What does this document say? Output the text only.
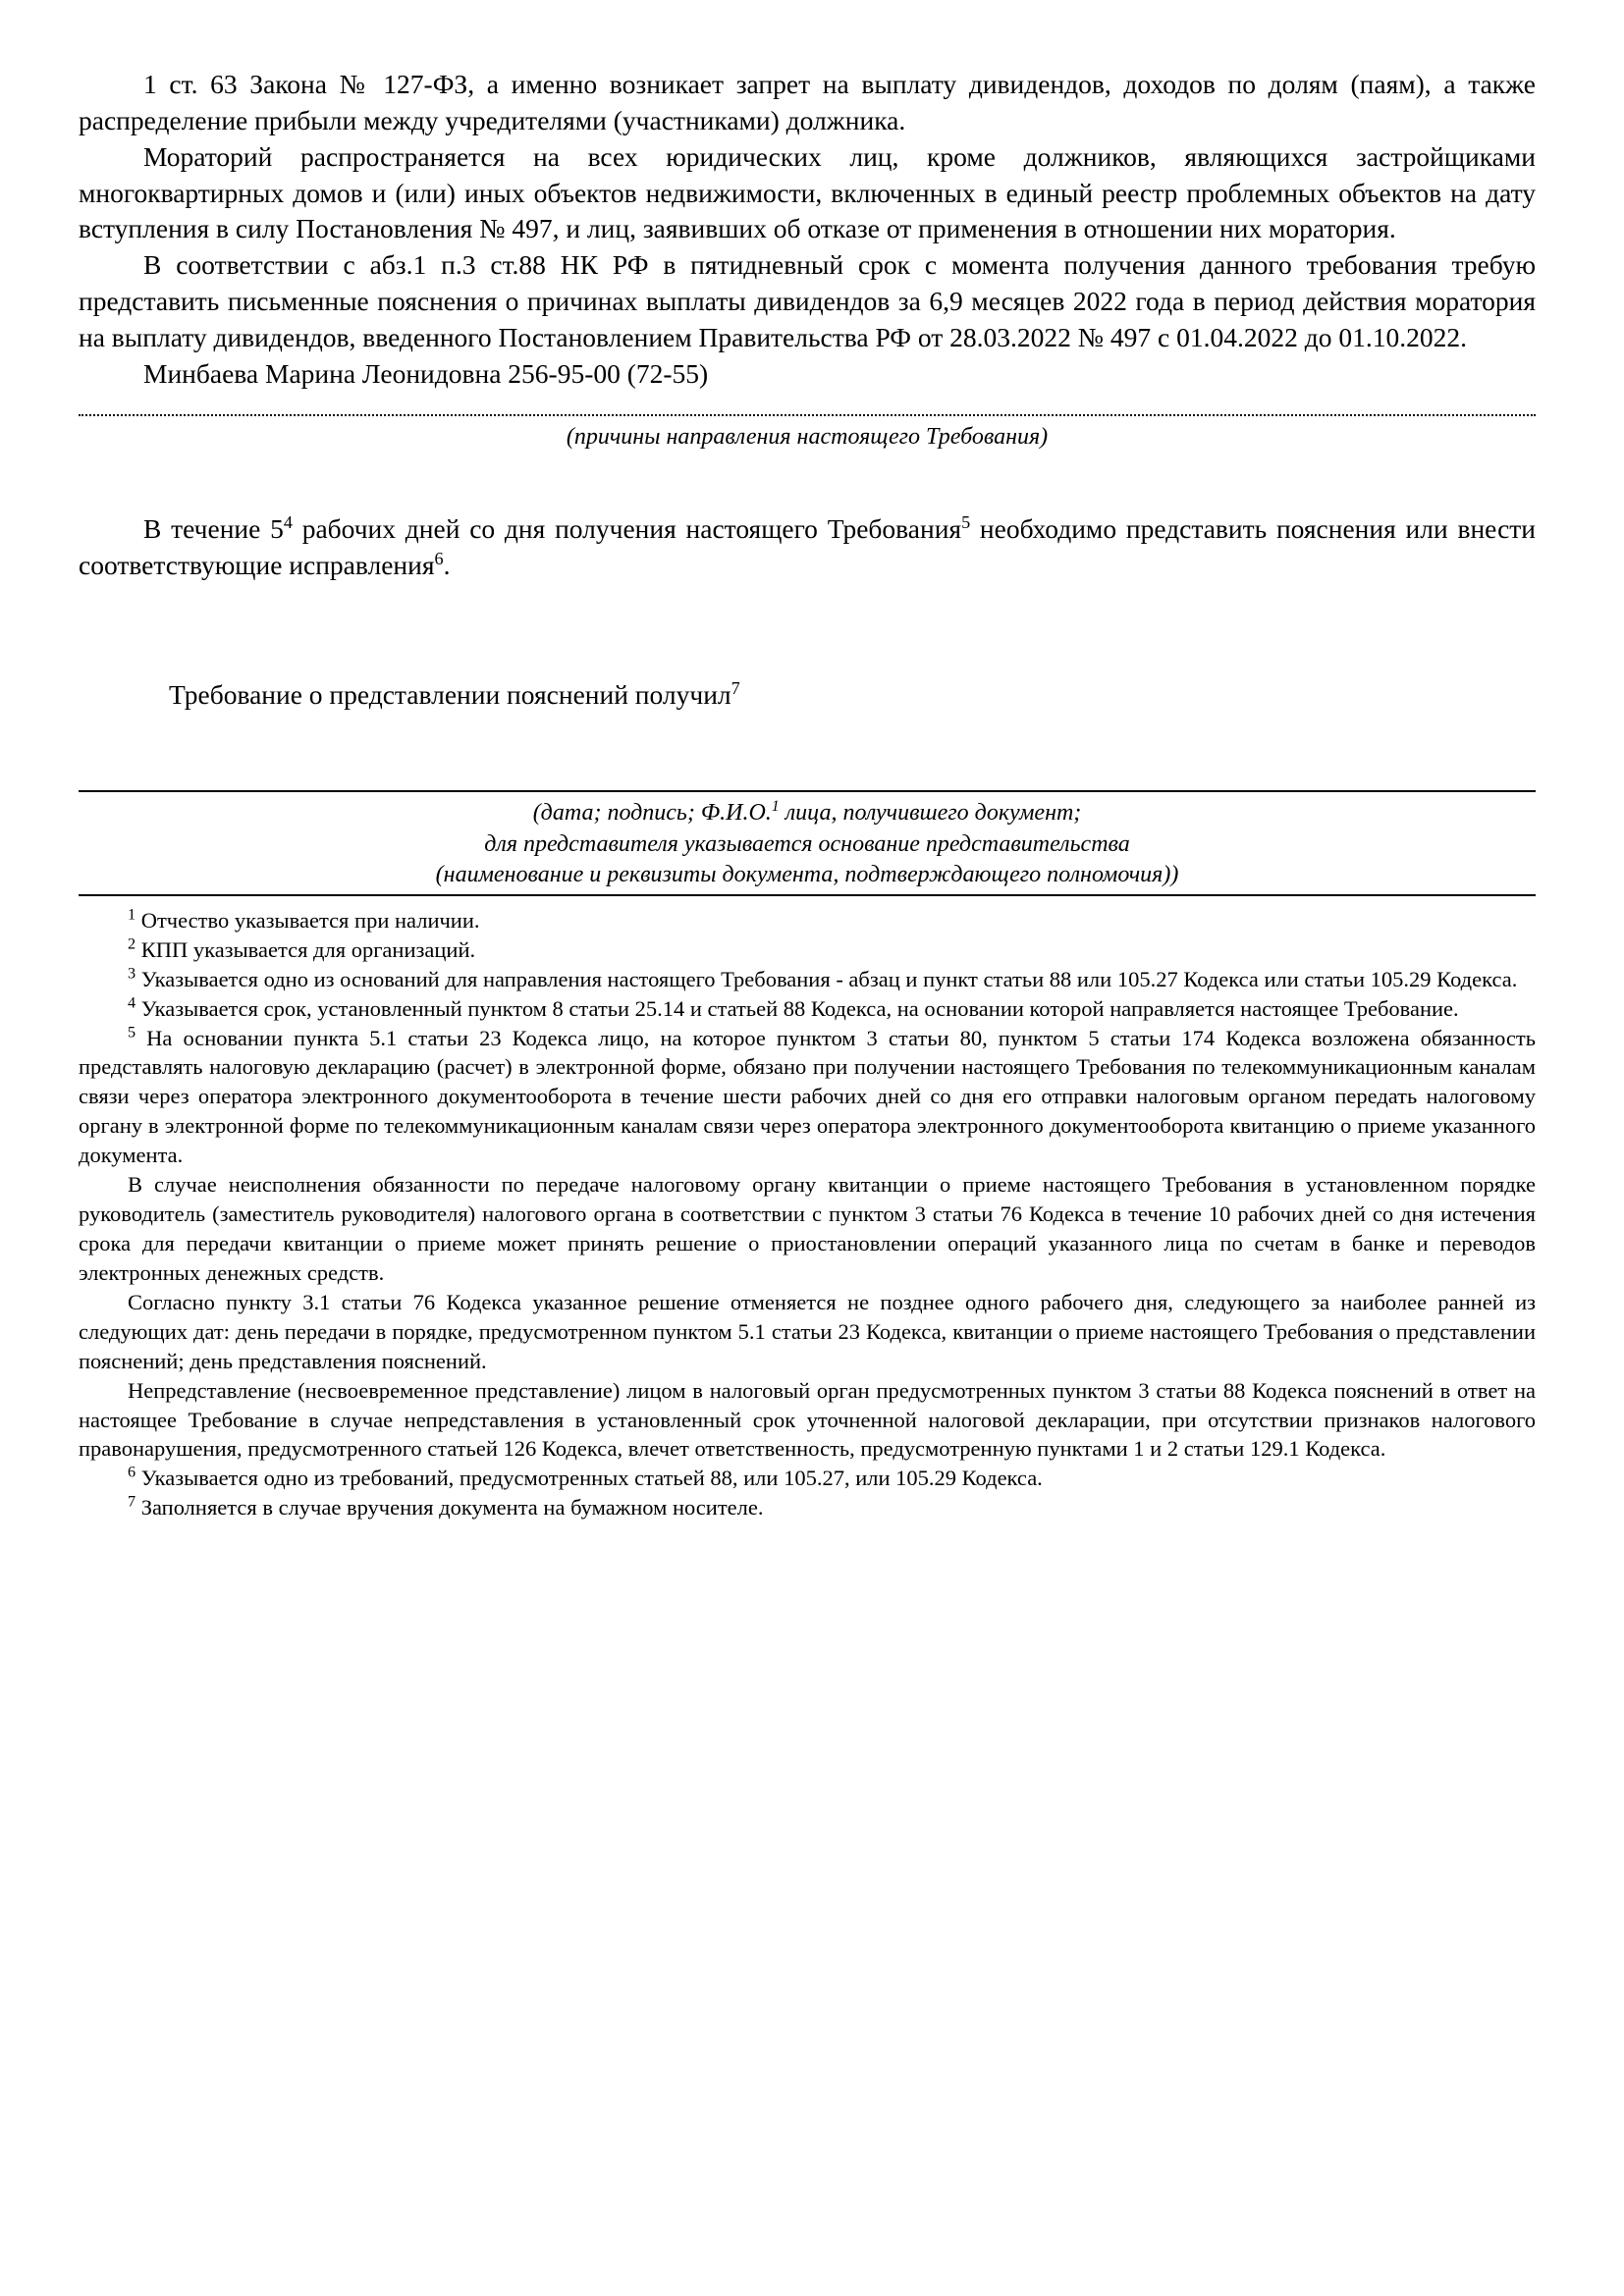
1 ст. 63 Закона № 127-ФЗ, а именно возникает запрет на выплату дивидендов, доходов по долям (паям), а также распределение прибыли между учредителями (участниками) должника.

Мораторий распространяется на всех юридических лиц, кроме должников, являющихся застройщиками многоквартирных домов и (или) иных объектов недвижимости, включенных в единый реестр проблемных объектов на дату вступления в силу Постановления № 497, и лиц, заявивших об отказе от применения в отношении них моратория.

В соответствии с абз.1 п.3 ст.88 НК РФ в пятидневный срок с момента получения данного требования требую представить письменные пояснения о причинах выплаты дивидендов за 6,9 месяцев 2022 года в период действия моратория на выплату дивидендов, введенного Постановлением Правительства РФ от 28.03.2022 № 497 с 01.04.2022 до 01.10.2022.

Минбаева Марина Леонидовна 256-95-00 (72-55)

(причины направления настоящего Требования)

В течение $5^4$ рабочих дней со дня получения настоящего Требования$^5$ необходимо представить пояснения или внести соответствующие исправления$^6$.

Требование о представлении пояснений получил$^7$
(дата; подпись; Ф.И.О.$^1$ лица, получившего документ;
для представителя указывается основание представительства
(наименование и реквизиты документа, подтверждающего полномочия))

$^1$ Отчество указывается при наличии.

$^2$ КПП указывается для организаций.

$^3$ Указывается одно из оснований для направления настоящего Требования - абзац и пункт статьи 88 или 105.27 Кодекса или статьи 105.29 Кодекса.

$^4$ Указывается срок, установленный пунктом 8 статьи 25.14 и статьей 88 Кодекса, на основании которой направляется настоящее Требование.

$^5$ На основании пункта 5.1 статьи 23 Кодекса лицо, на которое пунктом 3 статьи 80, пунктом 5 статьи 174 Кодекса возложена обязанность представлять налоговую декларацию (расчет) в электронной форме, обязано при получении настоящего Требования по телекоммуникационным каналам связи через оператора электронного документооборота в течение шести рабочих дней со дня его отправки налоговым органом передать налоговому органу в электронной форме по телекоммуникационным каналам связи через оператора электронного документооборота квитанцию о приеме указанного документа.

В случае неисполнения обязанности по передаче налоговому органу квитанции о приеме настоящего Требования в установленном порядке руководитель (заместитель руководителя) налогового органа в соответствии с пунктом 3 статьи 76 Кодекса в течение 10 рабочих дней со дня истечения срока для передачи квитанции о приеме может принять решение о приостановлении операций указанного лица по счетам в банке и переводов электронных денежных средств.

Согласно пункту 3.1 статьи 76 Кодекса указанное решение отменяется не позднее одного рабочего дня, следующего за наиболее ранней из следующих дат: день передачи в порядке, предусмотренном пунктом 5.1 статьи 23 Кодекса, квитанции о приеме настоящего Требования о представлении пояснений; день представления пояснений.

Непредставление (несвоевременное представление) лицом в налоговый орган предусмотренных пунктом 3 статьи 88 Кодекса пояснений в ответ на настоящее Требование в случае непредставления в установленный срок уточненной налоговой декларации, при отсутствии признаков налогового правонарушения, предусмотренного статьей 126 Кодекса, влечет ответственность, предусмотренную пунктами 1 и 2 статьи 129.1 Кодекса.

$^6$ Указывается одно из требований, предусмотренных статьей 88, или 105.27, или 105.29 Кодекса.

$^7$ Заполняется в случае вручения документа на бумажном носителе.
